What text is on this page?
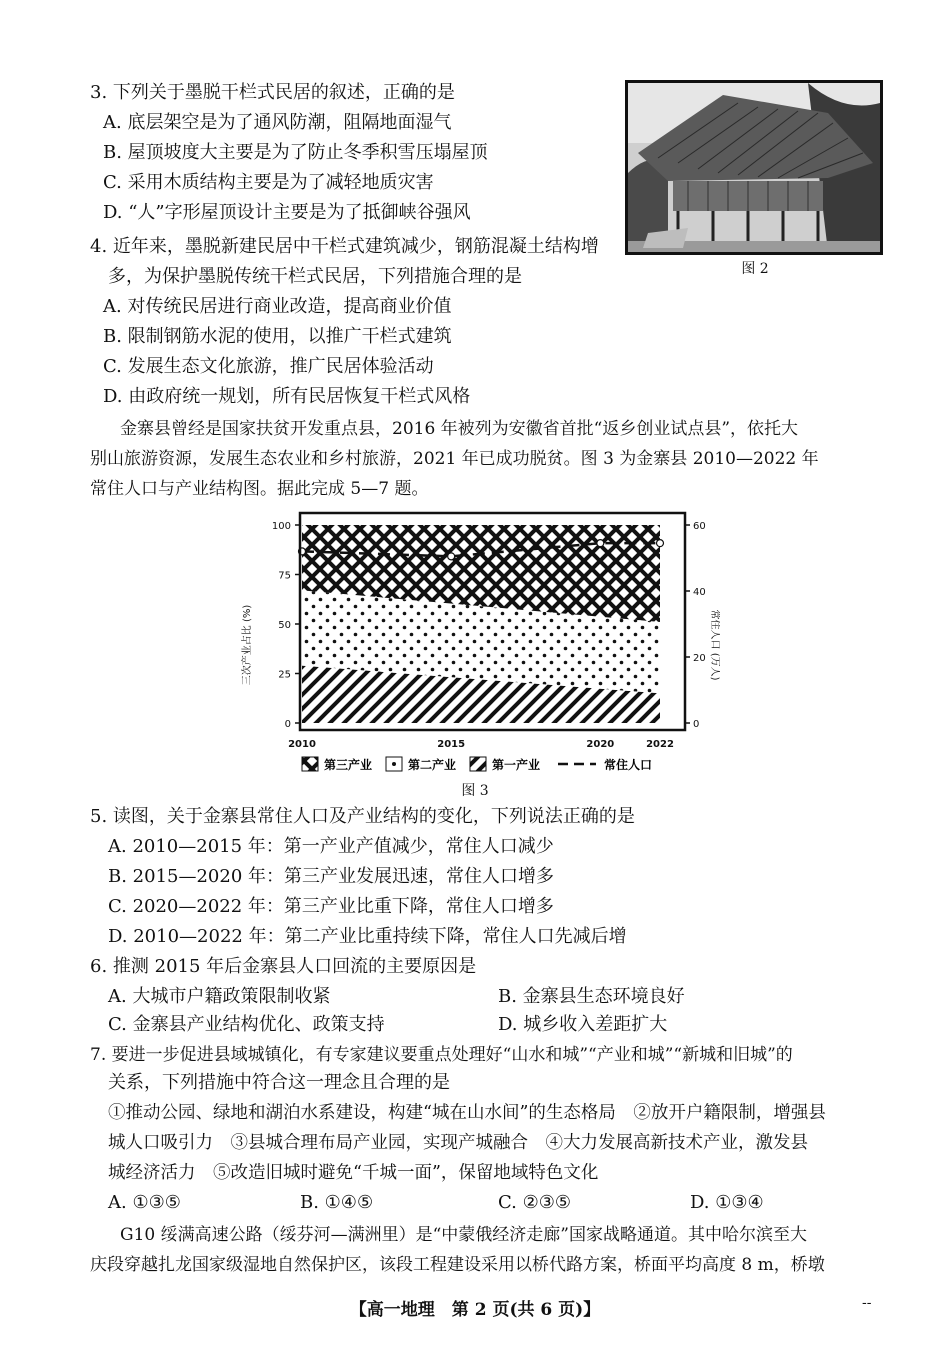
3. 下列关于墨脱干栏式民居的叙述，正确的是
A. 底层架空是为了通风防潮，阻隔地面湿气
B. 屋顶坡度大主要是为了防止冬季积雪压塌屋顶
C. 采用木质结构主要是为了减轻地质灾害
D. “人”字形屋顶设计主要是为了抵御峡谷强风
图 2
4. 近年来，墨脱新建民居中干栏式建筑减少，钢筋混凝土结构增
多，为保护墨脱传统干栏式民居，下列措施合理的是
A. 对传统民居进行商业改造，提高商业价值
B. 限制钢筋水泥的使用，以推广干栏式建筑
C. 发展生态文化旅游，推广民居体验活动
D. 由政府统一规划，所有民居恢复干栏式风格
金寨县曾经是国家扶贫开发重点县，2016 年被列为安徽省首批“返乡创业试点县”，依托大
别山旅游资源，发展生态农业和乡村旅游，2021 年已成功脱贫。图 3 为金寨县 2010—2022 年
常住人口与产业结构图。据此完成 5—7 题。
三次产业占比 (%)	常住人口 (万人)
0
25
50
75
100
0
20
40
60
2010	2015	2020	2022
第三产业	第二产业	第一产业	常住人口
图 3
5. 读图，关于金寨县常住人口及产业结构的变化，下列说法正确的是
A. 2010—2015 年：第一产业产值减少，常住人口减少
B. 2015—2020 年：第三产业发展迅速，常住人口增多
C. 2020—2022 年：第三产业比重下降，常住人口增多
D. 2010—2022 年：第二产业比重持续下降，常住人口先减后增
6. 推测 2015 年后金寨县人口回流的主要原因是
A. 大城市户籍政策限制收紧	B. 金寨县生态环境良好
C. 金寨县产业结构优化、政策支持	D. 城乡收入差距扩大
7. 要进一步促进县域城镇化，有专家建议要重点处理好“山水和城”“产业和城”“新城和旧城”的
关系，下列措施中符合这一理念且合理的是
①推动公园、绿地和湖泊水系建设，构建“城在山水间”的生态格局　②放开户籍限制，增强县
城人口吸引力　③县城合理布局产业园，实现产城融合　④大力发展高新技术产业，激发县
城经济活力　⑤改造旧城时避免“千城一面”，保留地域特色文化
A. ①③⑤	B. ①④⑤	C. ②③⑤	D. ①③④
G10 绥满高速公路（绥芬河—满洲里）是“中蒙俄经济走廊”国家战略通道。其中哈尔滨至大
庆段穿越扎龙国家级湿地自然保护区，该段工程建设采用以桥代路方案，桥面平均高度 8 m，桥墩
【高一地理　第 2 页(共 6 页)】	--
